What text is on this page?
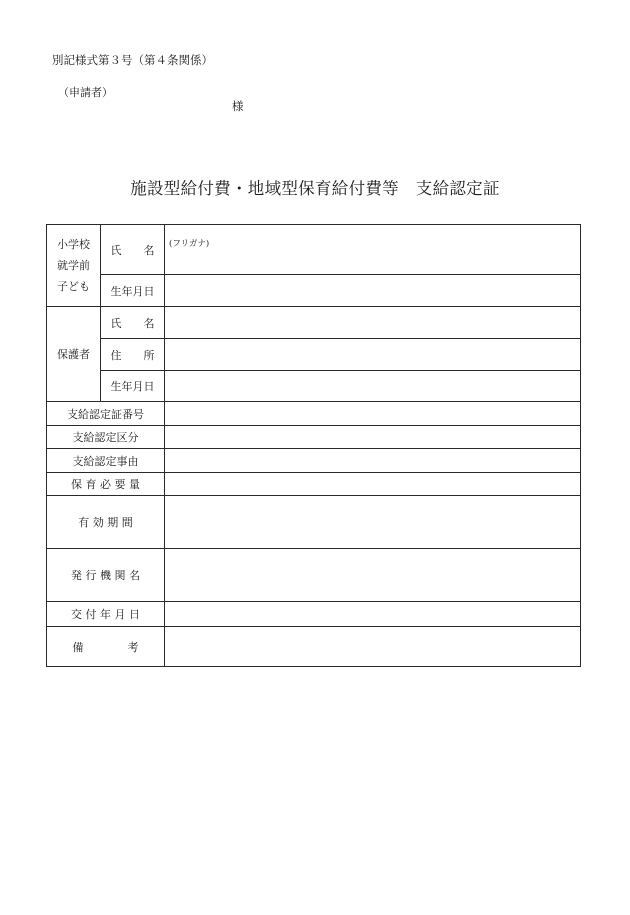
別記様式第３号（第４条関係）
（申請者）
様
施設型給付費・地域型保育給付費等　支給認定証
小学校
就学前
子ども	氏　　名	(フリガナ)

	生年月日	
保護者	氏　　名	
	住　　所	
	生年月日	
支給認定証番号		
支給認定区分		
支給認定事由		
保 育 必 要 量		
有 効 期 間		
発 行 機 関 名		
交 付 年 月 日		
備　　　　考		
